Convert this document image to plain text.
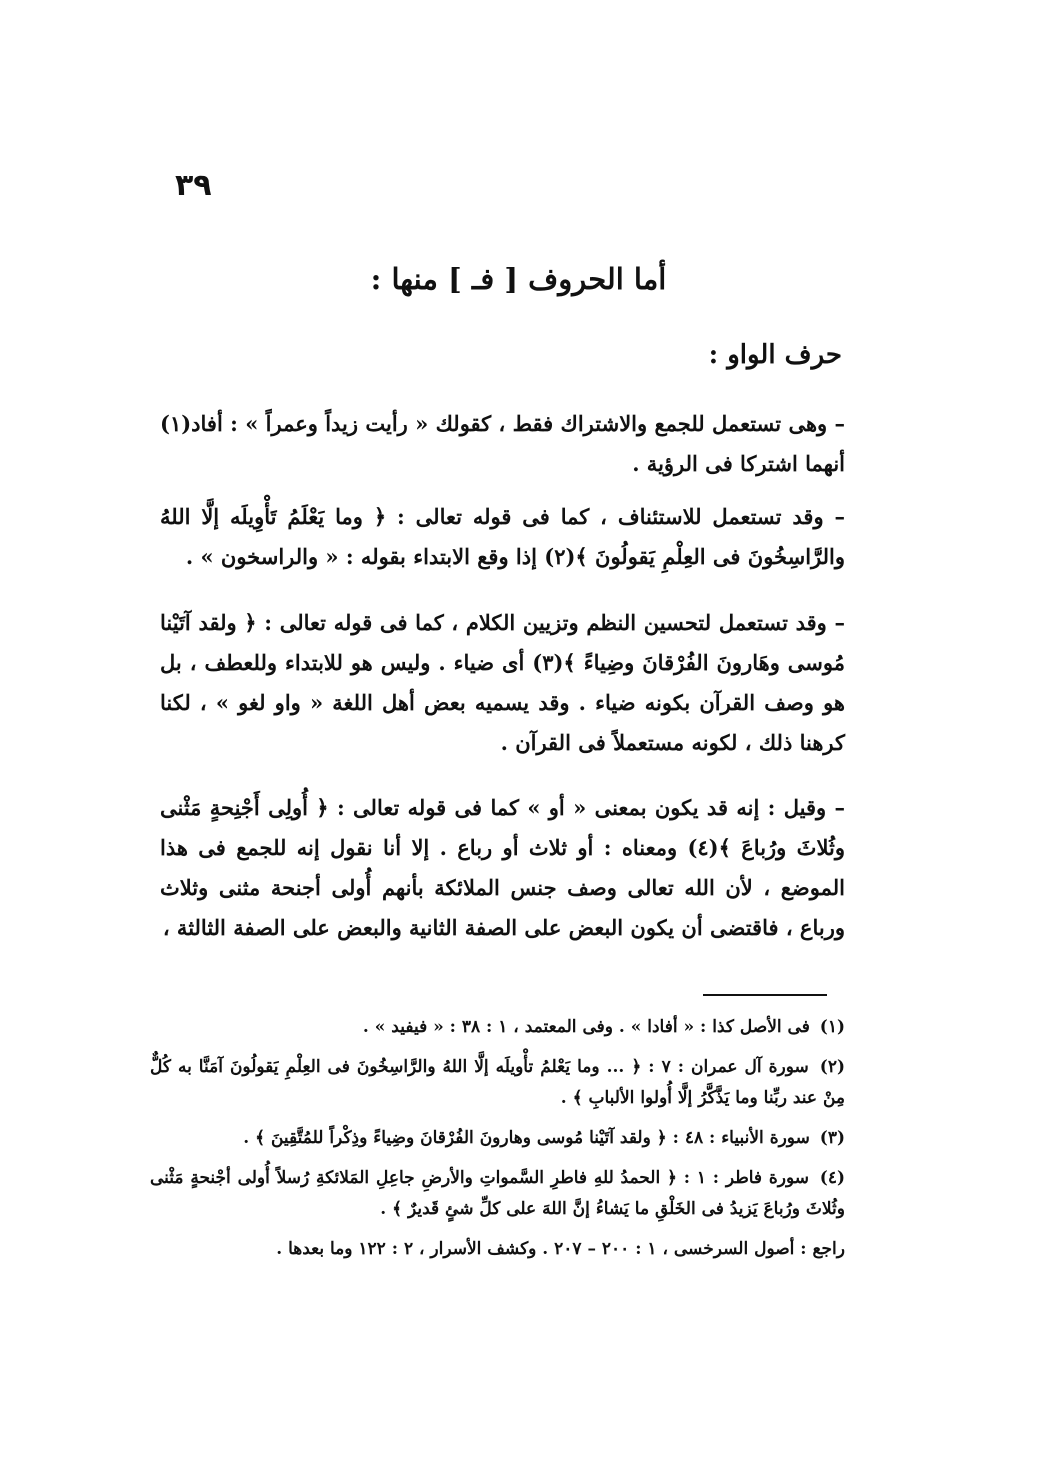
٣٩
أما الحروف [ فـ ] منها :
حرف الواو :
– وهى تستعمل للجمع والاشتراك فقط ، كقولك « رأيت زيداً وعمراً » : أفاد(١) أنهما اشتركا فى الرؤية .
– وقد تستعمل للاستئناف ، كما فى قوله تعالى : ﴿ وما يَعْلَمُ تَأْوِيلَه إلَّا اللهُ والرَّاسِخُونَ فى العِلْمِ يَقولُونَ ﴾(٢) إذا وقع الابتداء بقوله : « والراسخون » .
– وقد تستعمل لتحسين النظم وتزيين الكلام ، كما فى قوله تعالى : ﴿ ولقد آتَيْنا مُوسى وهَارونَ الفُرْقانَ وضِياءً ﴾(٣) أى ضياء . وليس هو للابتداء وللعطف ، بل هو وصف القرآن بكونه ضياء . وقد يسميه بعض أهل اللغة « واو لغو » ، لكنا كرهنا ذلك ، لكونه مستعملاً فى القرآن .
– وقيل : إنه قد يكون بمعنى « أو » كما فى قوله تعالى : ﴿ أُولِى أَجْنِحةٍ مَثْنى وثُلاثَ ورُباعَ ﴾(٤) ومعناه : أو ثلاث أو رباع . إلا أنا نقول إنه للجمع فى هذا الموضع ، لأن الله تعالى وصف جنس الملائكة بأنهم أُولى أجنحة مثنى وثلاث ورباع ، فاقتضى أن يكون البعض على الصفة الثانية والبعض على الصفة الثالثة ،

(١) فى الأصل كذا : « أفادا » . وفى المعتمد ، ١ : ٣٨ : « فيفيد » .

(٢) سورة آل عمران : ٧ : ﴿ ... وما يَعْلمُ تأْويلَه إلَّا اللهُ والرَّاسِخُونَ فى العِلْمِ يَقولُونَ آمَنَّا به كُلٌّ مِنْ عند ربِّنا وما يَذَّكَّرُ إلَّا أُولوا الألبابِ ﴾ .

(٣) سورة الأنبياء : ٤٨ : ﴿ ولقد آتَيْنا مُوسى وهارونَ الفُرْقانَ وضِياءً وذِكْراً للمُتَّقِينَ ﴾ .

(٤) سورة فاطر : ١ : ﴿ الحمدُ للهِ فاطرِ السَّمواتِ والأرضِ جاعِلِ المَلائكةِ رُسلاً أُولى أجْنحةٍ مَثْنى وثُلاثَ ورُباعَ يَزيدُ فى الخَلْقِ ما يَشاءُ إنَّ اللهَ على كلِّ شئٍ قَديرٌ ﴾ .

راجع : أصول السرخسى ، ١ : ٢٠٠ – ٢٠٧ . وكشف الأسرار ، ٢ : ١٢٢ وما بعدها .
